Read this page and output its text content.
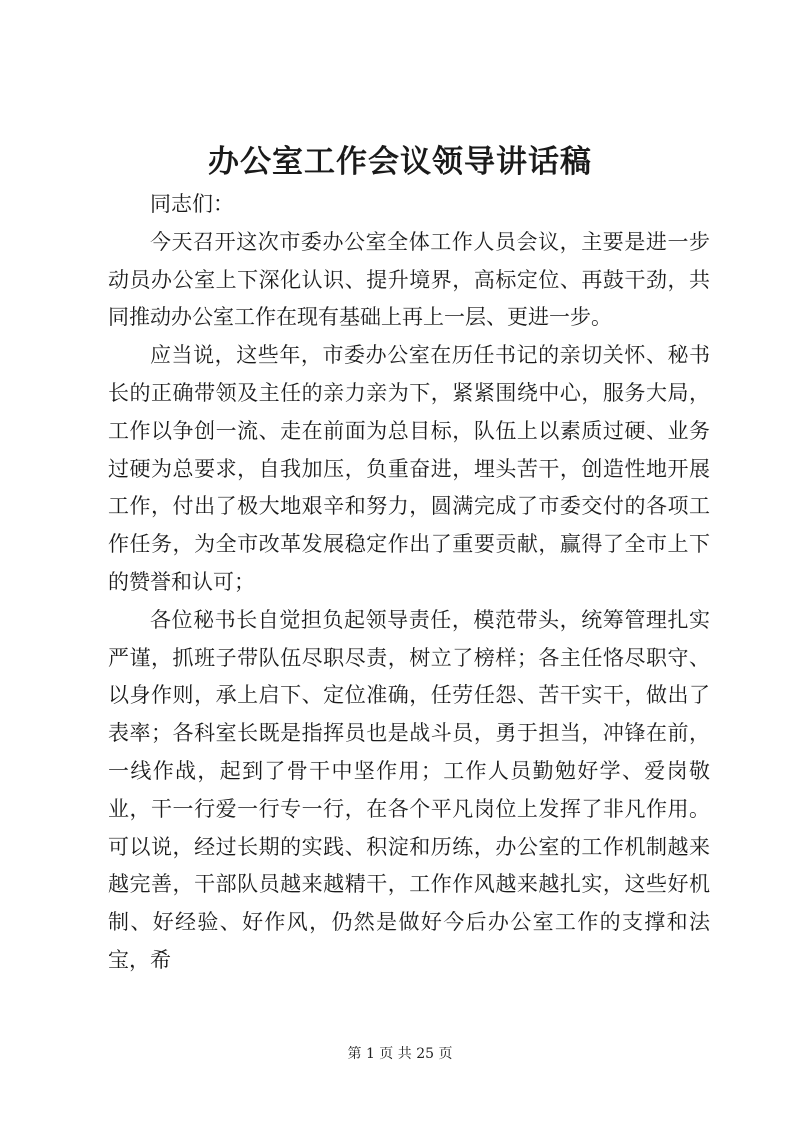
办公室工作会议领导讲话稿

同志们：

今天召开这次市委办公室全体工作人员会议，主要是进一步动员办公室上下深化认识、提升境界，高标定位、再鼓干劲，共同推动办公室工作在现有基础上再上一层、更进一步。

应当说，这些年，市委办公室在历任书记的亲切关怀、秘书长的正确带领及主任的亲力亲为下，紧紧围绕中心，服务大局，工作以争创一流、走在前面为总目标，队伍上以素质过硬、业务过硬为总要求，自我加压，负重奋进，埋头苦干，创造性地开展工作，付出了极大地艰辛和努力，圆满完成了市委交付的各项工作任务，为全市改革发展稳定作出了重要贡献，赢得了全市上下的赞誉和认可；

各位秘书长自觉担负起领导责任，模范带头，统筹管理扎实严谨，抓班子带队伍尽职尽责，树立了榜样；各主任恪尽职守、以身作则，承上启下、定位准确，任劳任怨、苦干实干，做出了表率；各科室长既是指挥员也是战斗员，勇于担当，冲锋在前，一线作战，起到了骨干中坚作用；工作人员勤勉好学、爱岗敬业，干一行爱一行专一行，在各个平凡岗位上发挥了非凡作用。可以说，经过长期的实践、积淀和历练，办公室的工作机制越来越完善，干部队员越来越精干，工作作风越来越扎实，这些好机制、好经验、好作风，仍然是做好今后办公室工作的支撑和法宝，希

第 1 页 共 25 页
